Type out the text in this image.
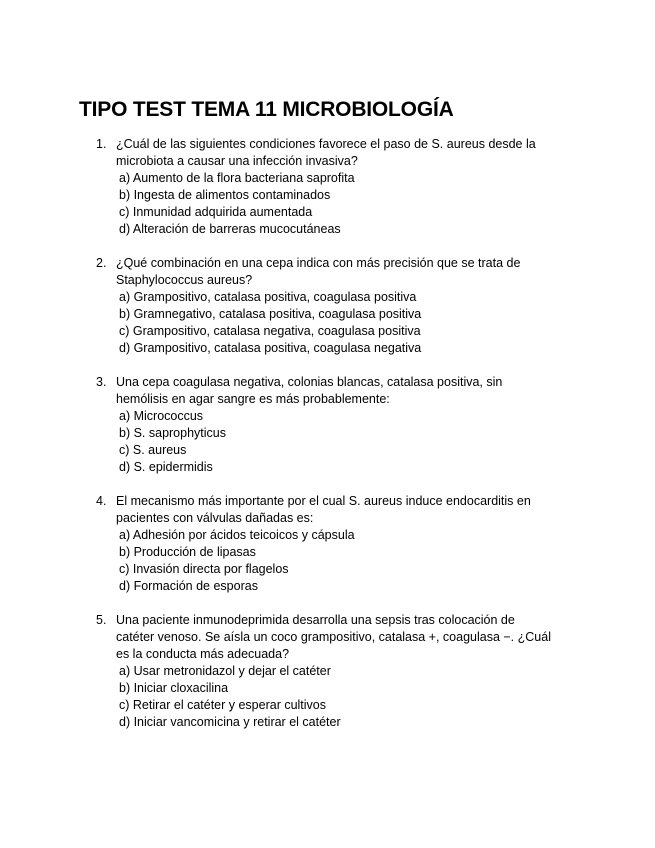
TIPO TEST TEMA 11 MICROBIOLOGÍA
1. ¿Cuál de las siguientes condiciones favorece el paso de S. aureus desde la microbiota a causar una infección invasiva?
a) Aumento de la flora bacteriana saprofita
b) Ingesta de alimentos contaminados
c) Inmunidad adquirida aumentada
d) Alteración de barreras mucocutáneas
2. ¿Qué combinación en una cepa indica con más precisión que se trata de Staphylococcus aureus?
a) Grampositivo, catalasa positiva, coagulasa positiva
b) Gramnegativo, catalasa positiva, coagulasa positiva
c) Grampositivo, catalasa negativa, coagulasa positiva
d) Grampositivo, catalasa positiva, coagulasa negativa
3. Una cepa coagulasa negativa, colonias blancas, catalasa positiva, sin hemólisis en agar sangre es más probablemente:
a) Micrococcus
b) S. saprophyticus
c) S. aureus
d) S. epidermidis
4. El mecanismo más importante por el cual S. aureus induce endocarditis en pacientes con válvulas dañadas es:
a) Adhesión por ácidos teicoicos y cápsula
b) Producción de lipasas
c) Invasión directa por flagelos
d) Formación de esporas
5. Una paciente inmunodeprimida desarrolla una sepsis tras colocación de catéter venoso. Se aísla un coco grampositivo, catalasa +, coagulasa −. ¿Cuál es la conducta más adecuada?
a) Usar metronidazol y dejar el catéter
b) Iniciar cloxacilina
c) Retirar el catéter y esperar cultivos
d) Iniciar vancomicina y retirar el catéter
